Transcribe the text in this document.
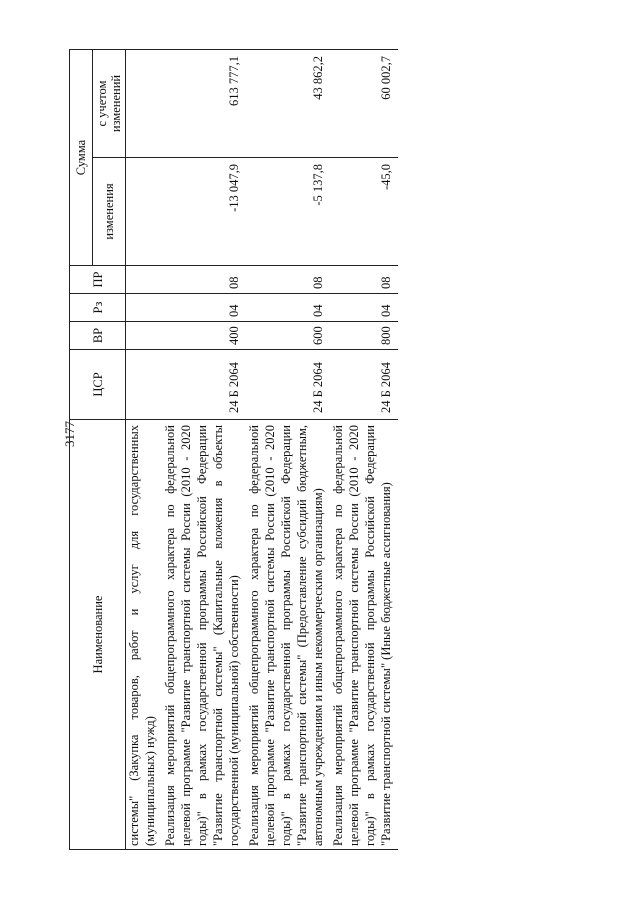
3177
Наименование	ЦСР	ВР	Рз	ПР	Сумма	
					изменения	с учетом изменений
системы" (Закупка товаров, работ и услуг для государственных (муниципальных) нужд)						
Реализация мероприятий общепрограммного характера по федеральной целевой программе "Развитие транспортной системы России (2010 - 2020 годы)" в рамках государственной программы Российской Федерации "Развитие транспортной системы" (Капитальные вложения в объекты государственной (муниципальной) собственности)	24 Б 2064	400	04	08	-13 047,9	613 777,1
Реализация мероприятий общепрограммного характера по федеральной целевой программе "Развитие транспортной системы России (2010 - 2020 годы)" в рамках государственной программы Российской Федерации "Развитие транспортной системы" (Предоставление субсидий бюджетным, автономным учреждениям и иным некоммерческим организациям)	24 Б 2064	600	04	08	-5 137,8	43 862,2
Реализация мероприятий общепрограммного характера по федеральной целевой программе "Развитие транспортной системы России (2010 - 2020 годы)" в рамках государственной программы Российской Федерации "Развитие транспортной системы" (Иные бюджетные ассигнования)	24 Б 2064	800	04	08	-45,0	60 002,7
